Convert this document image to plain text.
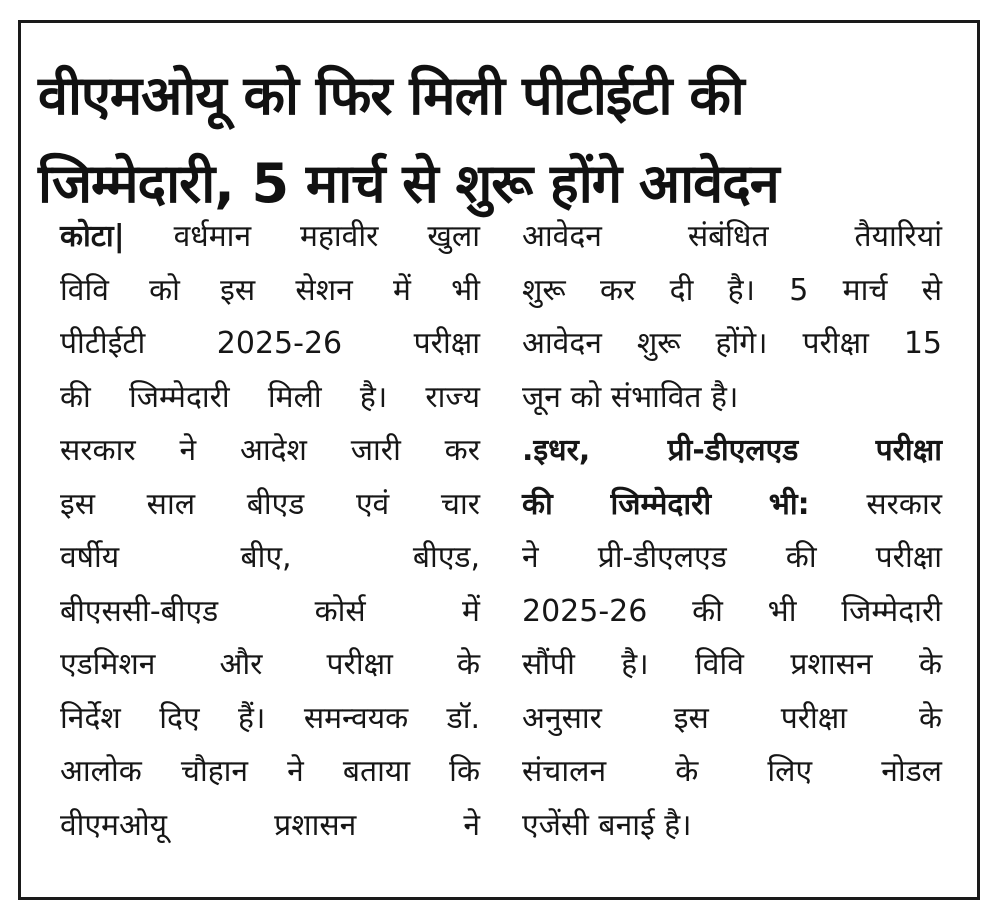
वीएमओयू को फिर मिली पीटीईटी की
जिम्मेदारी, 5 मार्च से शुरू होंगे आवेदन
कोटा| वर्धमान महावीर खुला
विवि को इस सेशन में भी
पीटीईटी 2025-26 परीक्षा
की जिम्मेदारी मिली है। राज्य
सरकार ने आदेश जारी कर
इस साल बीएड एवं चार
वर्षीय बीए, बीएड,
बीएससी-बीएड कोर्स में
एडमिशन और परीक्षा के
निर्देश दिए हैं। समन्वयक डॉ.
आलोक चौहान ने बताया कि
वीएमओयू प्रशासन ने
आवेदन संबंधित तैयारियां
शुरू कर दी है। 5 मार्च से
आवेदन शुरू होंगे। परीक्षा 15
जून को संभावित है।
.इधर, प्री-डीएलएड परीक्षा
की जिम्मेदारी भी: सरकार
ने प्री-डीएलएड की परीक्षा
2025-26 की भी जिम्मेदारी
सौंपी है। विवि प्रशासन के
अनुसार इस परीक्षा के
संचालन के लिए नोडल
एजेंसी बनाई है।
